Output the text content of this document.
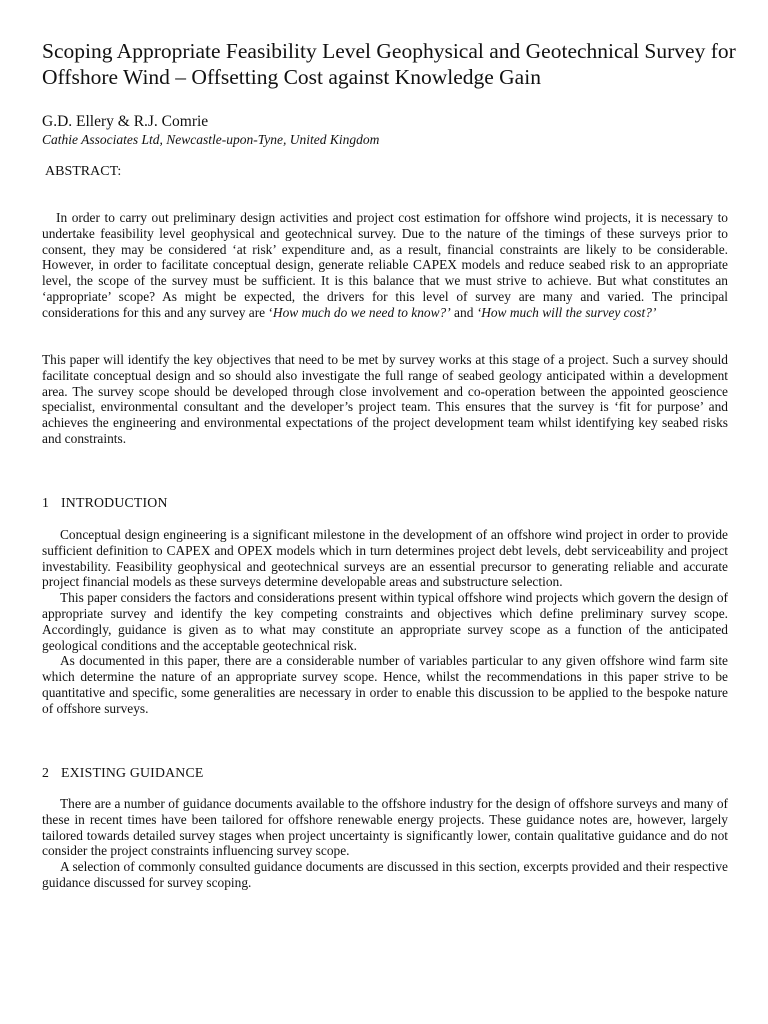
Scoping Appropriate Feasibility Level Geophysical and Geotechnical Survey for Offshore Wind – Offsetting Cost against Knowledge Gain

G.D. Ellery & R.J. Comrie

Cathie Associates Ltd, Newcastle-upon-Tyne, United Kingdom

ABSTRACT:

In order to carry out preliminary design activities and project cost estimation for offshore wind projects, it is necessary to undertake feasibility level geophysical and geotechnical survey. Due to the nature of the timings of these surveys prior to consent, they may be considered ‘at risk’ expenditure and, as a result, financial constraints are likely to be considerable. However, in order to facilitate conceptual design, generate reliable CAPEX models and reduce seabed risk to an appropriate level, the scope of the survey must be sufficient. It is this balance that we must strive to achieve. But what constitutes an ‘appropriate’ scope? As might be expected, the drivers for this level of survey are many and varied. The principal considerations for this and any survey are ‘How much do we need to know?’ and ‘How much will the survey cost?’

This paper will identify the key objectives that need to be met by survey works at this stage of a project. Such a survey should facilitate conceptual design and so should also investigate the full range of seabed geology anticipated within a development area. The survey scope should be developed through close involvement and co-operation between the appointed geoscience specialist, environmental consultant and the developer’s project team. This ensures that the survey is ‘fit for purpose’ and achieves the engineering and environmental expectations of the project development team whilst identifying key seabed risks and constraints.

1 INTRODUCTION

Conceptual design engineering is a significant milestone in the development of an offshore wind project in order to provide sufficient definition to CAPEX and OPEX models which in turn determines project debt levels, debt serviceability and project investability. Feasibility geophysical and geotechnical surveys are an essential precursor to generating reliable and accurate project financial models as these surveys determine developable areas and substructure selection.

This paper considers the factors and considerations present within typical offshore wind projects which govern the design of appropriate survey and identify the key competing constraints and objectives which define preliminary survey scope. Accordingly, guidance is given as to what may constitute an appropriate survey scope as a function of the anticipated geological conditions and the acceptable geotechnical risk.

As documented in this paper, there are a considerable number of variables particular to any given offshore wind farm site which determine the nature of an appropriate survey scope. Hence, whilst the recommendations in this paper strive to be quantitative and specific, some generalities are necessary in order to enable this discussion to be applied to the bespoke nature of offshore surveys.

2 EXISTING GUIDANCE

There are a number of guidance documents available to the offshore industry for the design of offshore surveys and many of these in recent times have been tailored for offshore renewable energy projects. These guidance notes are, however, largely tailored towards detailed survey stages when project uncertainty is significantly lower, contain qualitative guidance and do not consider the project constraints influencing survey scope.

A selection of commonly consulted guidance documents are discussed in this section, excerpts provided and their respective guidance discussed for survey scoping.
